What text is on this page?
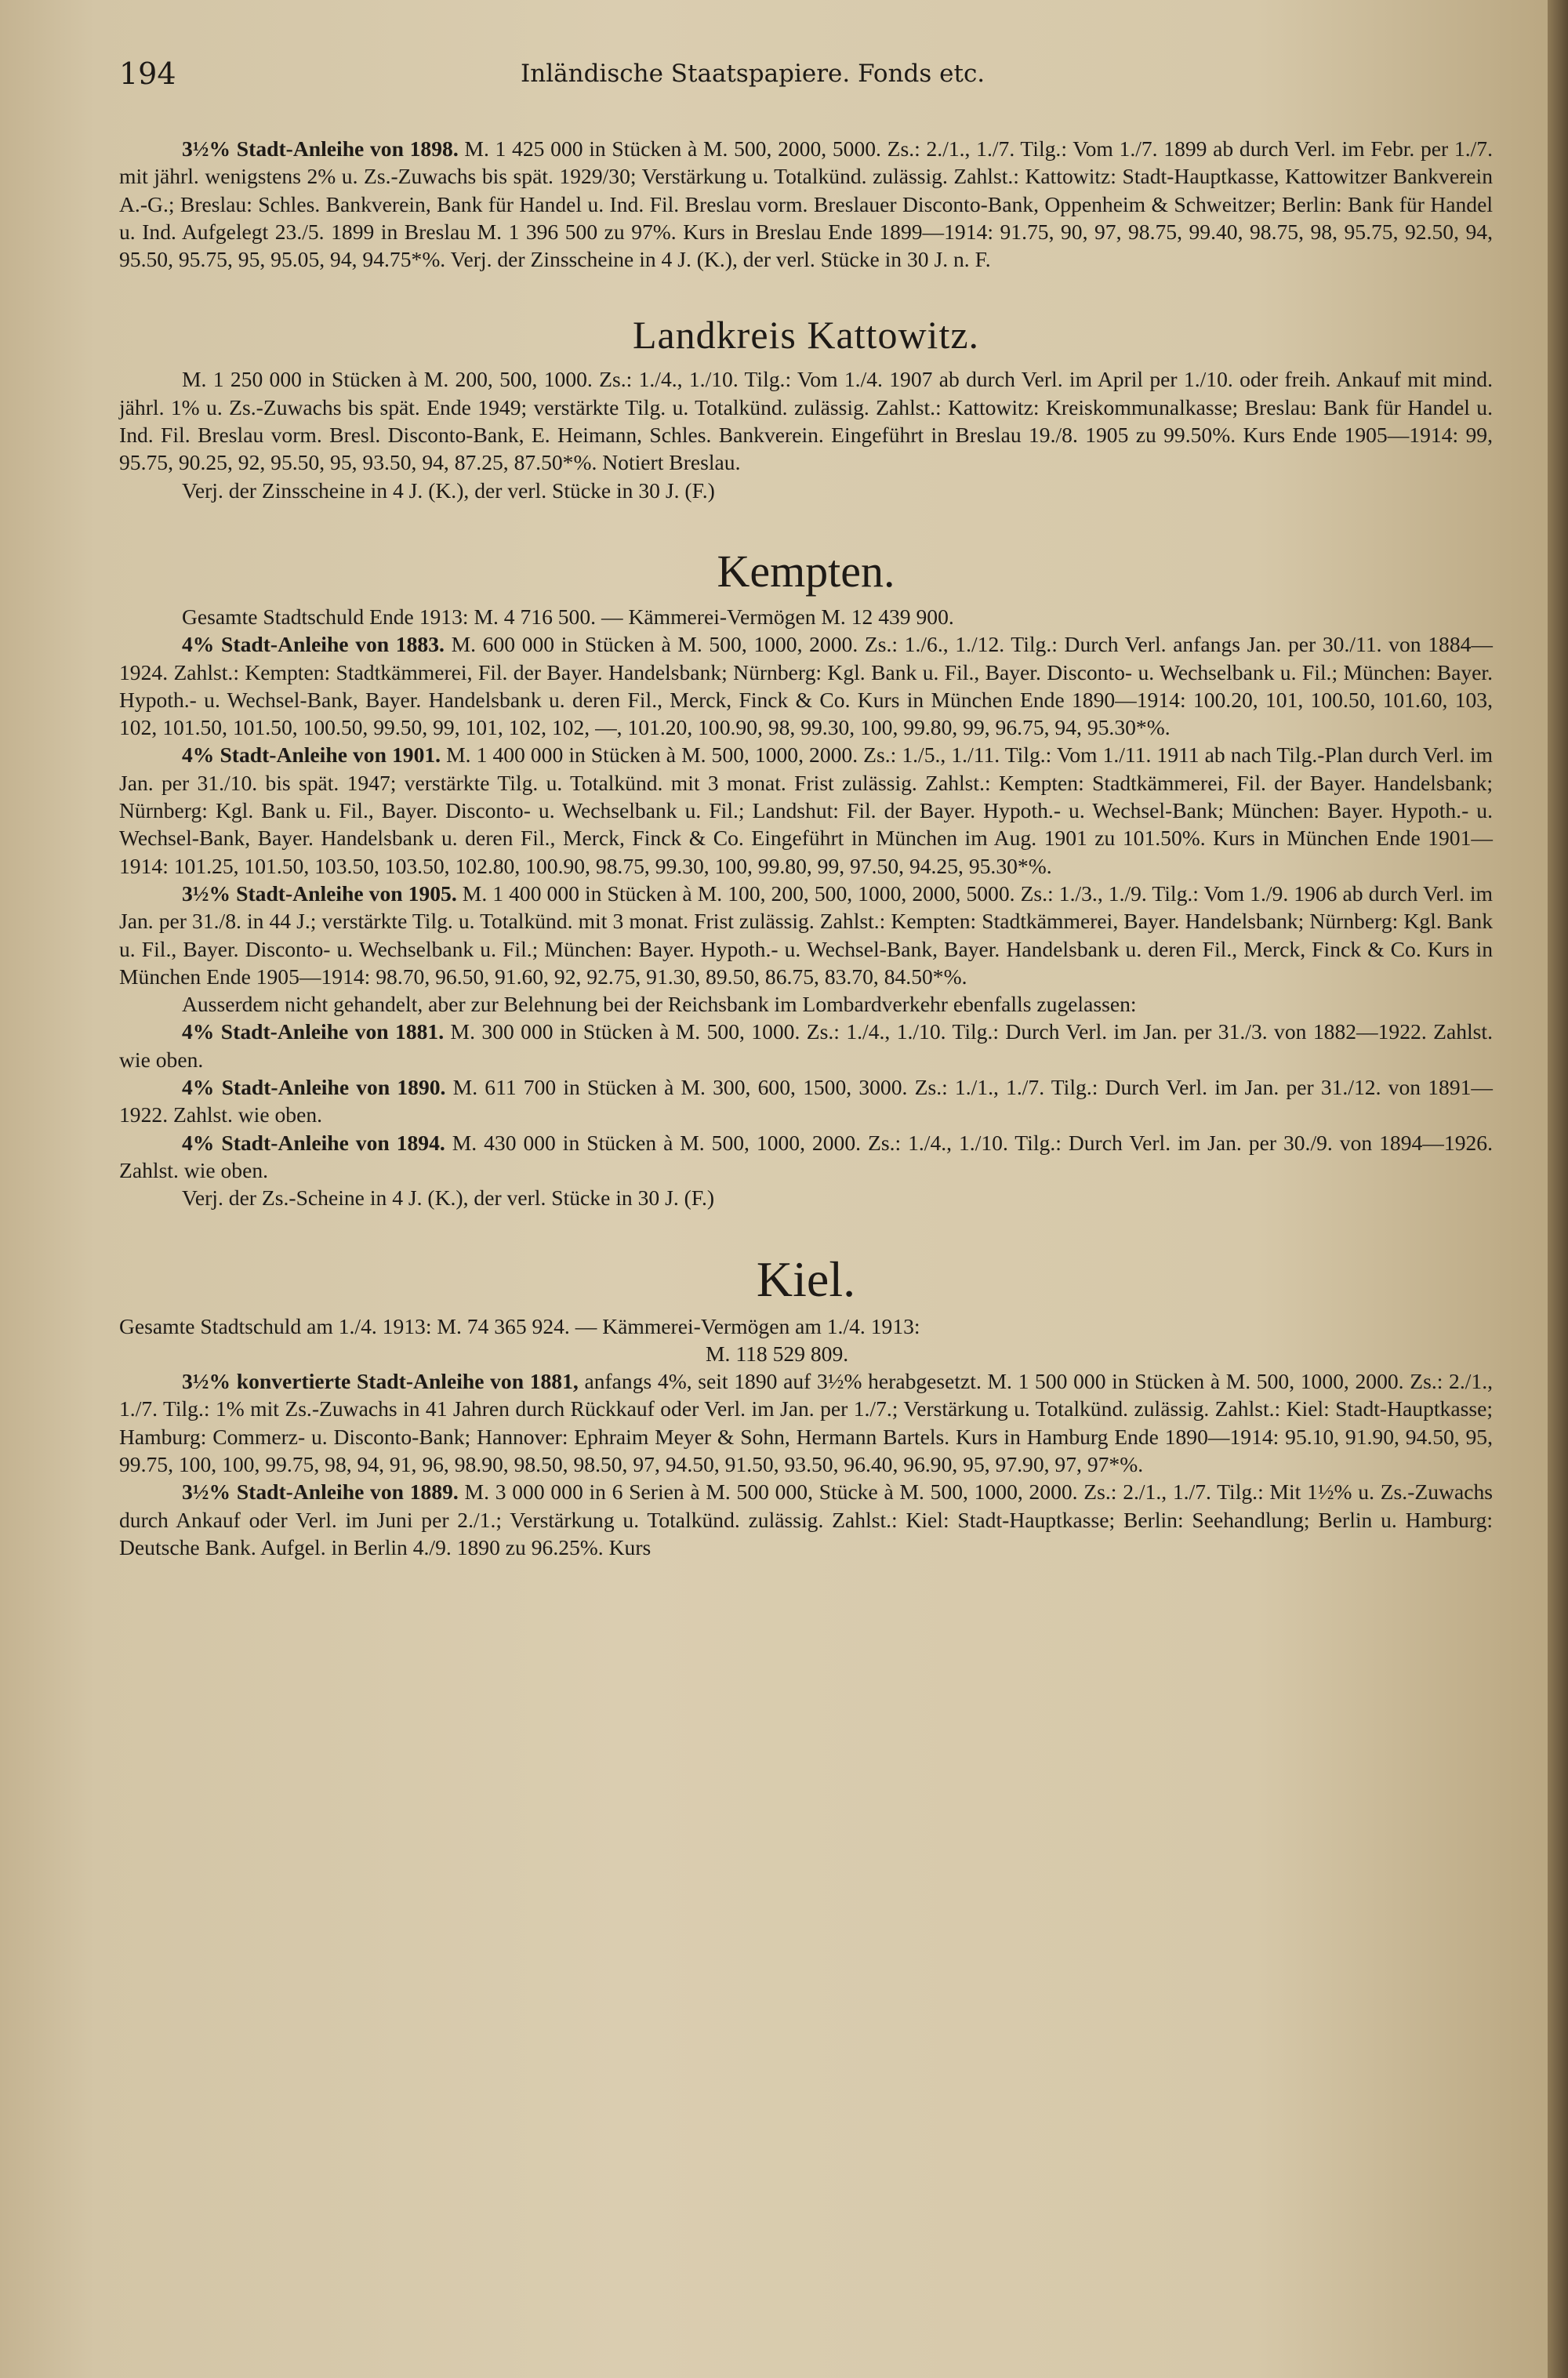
194	Inländische Staatspapiere. Fonds etc.

3½% Stadt-Anleihe von 1898. M. 1 425 000 in Stücken à M. 500, 2000, 5000. Zs.: 2./1., 1./7. Tilg.: Vom 1./7. 1899 ab durch Verl. im Febr. per 1./7. mit jährl. wenigstens 2% u. Zs.-Zuwachs bis spät. 1929/30; Verstärkung u. Totalkünd. zulässig. Zahlst.: Kattowitz: Stadt-Hauptkasse, Kattowitzer Bankverein A.-G.; Breslau: Schles. Bankverein, Bank für Handel u. Ind. Fil. Breslau vorm. Breslauer Disconto-Bank, Oppenheim & Schweitzer; Berlin: Bank für Handel u. Ind. Aufgelegt 23./5. 1899 in Breslau M. 1 396 500 zu 97%. Kurs in Breslau Ende 1899—1914: 91.75, 90, 97, 98.75, 99.40, 98.75, 98, 95.75, 92.50, 94, 95.50, 95.75, 95, 95.05, 94, 94.75*%. Verj. der Zinsscheine in 4 J. (K.), der verl. Stücke in 30 J. n. F.

Landkreis Kattowitz.

M. 1 250 000 in Stücken à M. 200, 500, 1000. Zs.: 1./4., 1./10. Tilg.: Vom 1./4. 1907 ab durch Verl. im April per 1./10. oder freih. Ankauf mit mind. jährl. 1% u. Zs.-Zuwachs bis spät. Ende 1949; verstärkte Tilg. u. Totalkünd. zulässig. Zahlst.: Kattowitz: Kreiskommunalkasse; Breslau: Bank für Handel u. Ind. Fil. Breslau vorm. Bresl. Disconto-Bank, E. Heimann, Schles. Bankverein. Eingeführt in Breslau 19./8. 1905 zu 99.50%. Kurs Ende 1905—1914: 99, 95.75, 90.25, 92, 95.50, 95, 93.50, 94, 87.25, 87.50*%. Notiert Breslau.

Verj. der Zinsscheine in 4 J. (K.), der verl. Stücke in 30 J. (F.)

Kempten.

Gesamte Stadtschuld Ende 1913: M. 4 716 500. — Kämmerei-Vermögen M. 12 439 900.

4% Stadt-Anleihe von 1883. M. 600 000 in Stücken à M. 500, 1000, 2000. Zs.: 1./6., 1./12. Tilg.: Durch Verl. anfangs Jan. per 30./11. von 1884—1924. Zahlst.: Kempten: Stadtkämmerei, Fil. der Bayer. Handelsbank; Nürnberg: Kgl. Bank u. Fil., Bayer. Disconto- u. Wechselbank u. Fil.; München: Bayer. Hypoth.- u. Wechsel-Bank, Bayer. Handelsbank u. deren Fil., Merck, Finck & Co. Kurs in München Ende 1890—1914: 100.20, 101, 100.50, 101.60, 103, 102, 101.50, 101.50, 100.50, 99.50, 99, 101, 102, 102, —, 101.20, 100.90, 98, 99.30, 100, 99.80, 99, 96.75, 94, 95.30*%.

4% Stadt-Anleihe von 1901. M. 1 400 000 in Stücken à M. 500, 1000, 2000. Zs.: 1./5., 1./11. Tilg.: Vom 1./11. 1911 ab nach Tilg.-Plan durch Verl. im Jan. per 31./10. bis spät. 1947; verstärkte Tilg. u. Totalkünd. mit 3 monat. Frist zulässig. Zahlst.: Kempten: Stadtkämmerei, Fil. der Bayer. Handelsbank; Nürnberg: Kgl. Bank u. Fil., Bayer. Disconto- u. Wechselbank u. Fil.; Landshut: Fil. der Bayer. Hypoth.- u. Wechsel-Bank; München: Bayer. Hypoth.- u. Wechsel-Bank, Bayer. Handelsbank u. deren Fil., Merck, Finck & Co. Eingeführt in München im Aug. 1901 zu 101.50%. Kurs in München Ende 1901—1914: 101.25, 101.50, 103.50, 103.50, 102.80, 100.90, 98.75, 99.30, 100, 99.80, 99, 97.50, 94.25, 95.30*%.

3½% Stadt-Anleihe von 1905. M. 1 400 000 in Stücken à M. 100, 200, 500, 1000, 2000, 5000. Zs.: 1./3., 1./9. Tilg.: Vom 1./9. 1906 ab durch Verl. im Jan. per 31./8. in 44 J.; verstärkte Tilg. u. Totalkünd. mit 3 monat. Frist zulässig. Zahlst.: Kempten: Stadtkämmerei, Bayer. Handelsbank; Nürnberg: Kgl. Bank u. Fil., Bayer. Disconto- u. Wechselbank u. Fil.; München: Bayer. Hypoth.- u. Wechsel-Bank, Bayer. Handelsbank u. deren Fil., Merck, Finck & Co. Kurs in München Ende 1905—1914: 98.70, 96.50, 91.60, 92, 92.75, 91.30, 89.50, 86.75, 83.70, 84.50*%.

Ausserdem nicht gehandelt, aber zur Belehnung bei der Reichsbank im Lombardverkehr ebenfalls zugelassen:

4% Stadt-Anleihe von 1881. M. 300 000 in Stücken à M. 500, 1000. Zs.: 1./4., 1./10. Tilg.: Durch Verl. im Jan. per 31./3. von 1882—1922. Zahlst. wie oben.

4% Stadt-Anleihe von 1890. M. 611 700 in Stücken à M. 300, 600, 1500, 3000. Zs.: 1./1., 1./7. Tilg.: Durch Verl. im Jan. per 31./12. von 1891—1922. Zahlst. wie oben.

4% Stadt-Anleihe von 1894. M. 430 000 in Stücken à M. 500, 1000, 2000. Zs.: 1./4., 1./10. Tilg.: Durch Verl. im Jan. per 30./9. von 1894—1926. Zahlst. wie oben.

Verj. der Zs.-Scheine in 4 J. (K.), der verl. Stücke in 30 J. (F.)

Kiel.

Gesamte Stadtschuld am 1./4. 1913: M. 74 365 924. — Kämmerei-Vermögen am 1./4. 1913:

M. 118 529 809.

3½% konvertierte Stadt-Anleihe von 1881, anfangs 4%, seit 1890 auf 3½% herabgesetzt. M. 1 500 000 in Stücken à M. 500, 1000, 2000. Zs.: 2./1., 1./7. Tilg.: 1% mit Zs.-Zuwachs in 41 Jahren durch Rückkauf oder Verl. im Jan. per 1./7.; Verstärkung u. Totalkünd. zulässig. Zahlst.: Kiel: Stadt-Hauptkasse; Hamburg: Commerz- u. Disconto-Bank; Hannover: Ephraim Meyer & Sohn, Hermann Bartels. Kurs in Hamburg Ende 1890—1914: 95.10, 91.90, 94.50, 95, 99.75, 100, 100, 99.75, 98, 94, 91, 96, 98.90, 98.50, 98.50, 97, 94.50, 91.50, 93.50, 96.40, 96.90, 95, 97.90, 97, 97*%.

3½% Stadt-Anleihe von 1889. M. 3 000 000 in 6 Serien à M. 500 000, Stücke à M. 500, 1000, 2000. Zs.: 2./1., 1./7. Tilg.: Mit 1½% u. Zs.-Zuwachs durch Ankauf oder Verl. im Juni per 2./1.; Verstärkung u. Totalkünd. zulässig. Zahlst.: Kiel: Stadt-Hauptkasse; Berlin: Seehandlung; Berlin u. Hamburg: Deutsche Bank. Aufgel. in Berlin 4./9. 1890 zu 96.25%. Kurs
